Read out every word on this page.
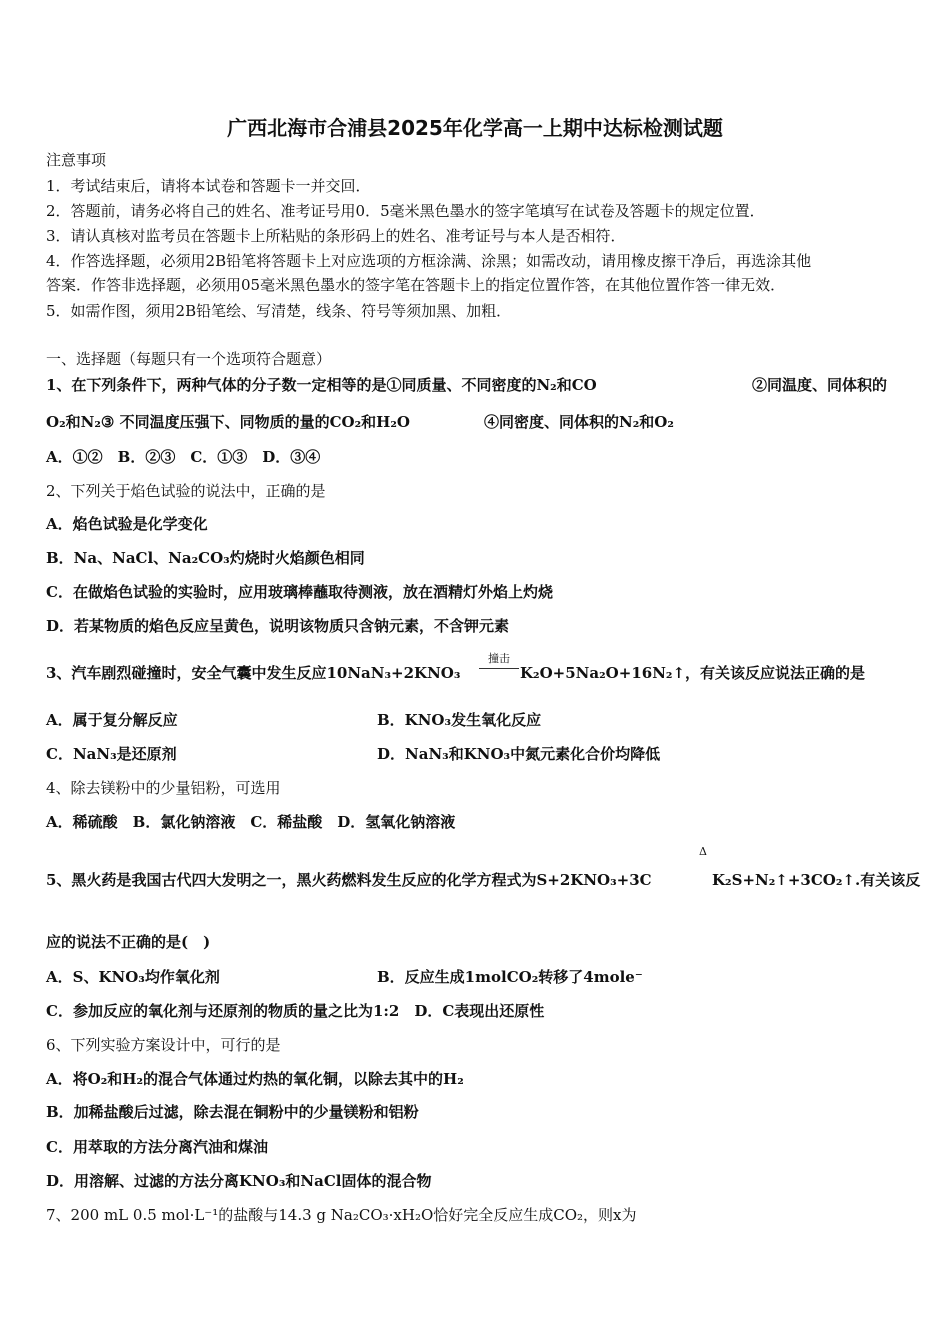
广西北海市合浦县2025年化学高一上期中达标检测试题
注意事项
1．考试结束后，请将本试卷和答题卡一并交回．
2．答题前，请务必将自己的姓名、准考证号用0．5毫米黑色墨水的签字笔填写在试卷及答题卡的规定位置．
3．请认真核对监考员在答题卡上所粘贴的条形码上的姓名、准考证号与本人是否相符．
4．作答选择题，必须用2B铅笔将答题卡上对应选项的方框涂满、涂黑；如需改动，请用橡皮擦干净后，再选涂其他
答案．作答非选择题，必须用05毫米黑色墨水的签字笔在答题卡上的指定位置作答，在其他位置作答一律无效．
5．如需作图，须用2B铅笔绘、写清楚，线条、符号等须加黑、加粗．
一、选择题（每题只有一个选项符合题意）
1、在下列条件下，两种气体的分子数一定相等的是①同质量、不同密度的N₂和CO	②同温度、同体积的
O₂和N₂③ 不同温度压强下、同物质的量的CO₂和H₂O	④同密度、同体积的N₂和O₂
A．①②　B．②③　C．①③　D．③④
2、下列关于焰色试验的说法中，正确的是
A．焰色试验是化学变化
B．Na、NaCl、Na₂CO₃灼烧时火焰颜色相同
C．在做焰色试验的实验时，应用玻璃棒蘸取待测液，放在酒精灯外焰上灼烧
D．若某物质的焰色反应呈黄色，说明该物质只含钠元素，不含钾元素
3、汽车剧烈碰撞时，安全气囊中发生反应10NaN₃+2KNO₃
撞击
K₂O+5Na₂O+16N₂↑，有关该反应说法正确的是
A．属于复分解反应	B．KNO₃发生氧化反应
C．NaN₃是还原剂	D．NaN₃和KNO₃中氮元素化合价均降低
4、除去镁粉中的少量铝粉，可选用
A．稀硫酸　B．氯化钠溶液　C．稀盐酸　D．氢氧化钠溶液
5、黑火药是我国古代四大发明之一，黑火药燃料发生反应的化学方程式为S+2KNO₃+3C
Δ
K₂S+N₂↑+3CO₂↑.有关该反
应的说法不正确的是(　)
A．S、KNO₃均作氧化剂	B．反应生成1molCO₂转移了4mole⁻
C．参加反应的氧化剂与还原剂的物质的量之比为1:2　D．C表现出还原性
6、下列实验方案设计中，可行的是
A．将O₂和H₂的混合气体通过灼热的氧化铜，以除去其中的H₂
B．加稀盐酸后过滤，除去混在铜粉中的少量镁粉和铝粉
C．用萃取的方法分离汽油和煤油
D．用溶解、过滤的方法分离KNO₃和NaCl固体的混合物
7、200 mL 0.5 mol·L⁻¹的盐酸与14.3 g Na₂CO₃·xH₂O恰好完全反应生成CO₂，则x为
